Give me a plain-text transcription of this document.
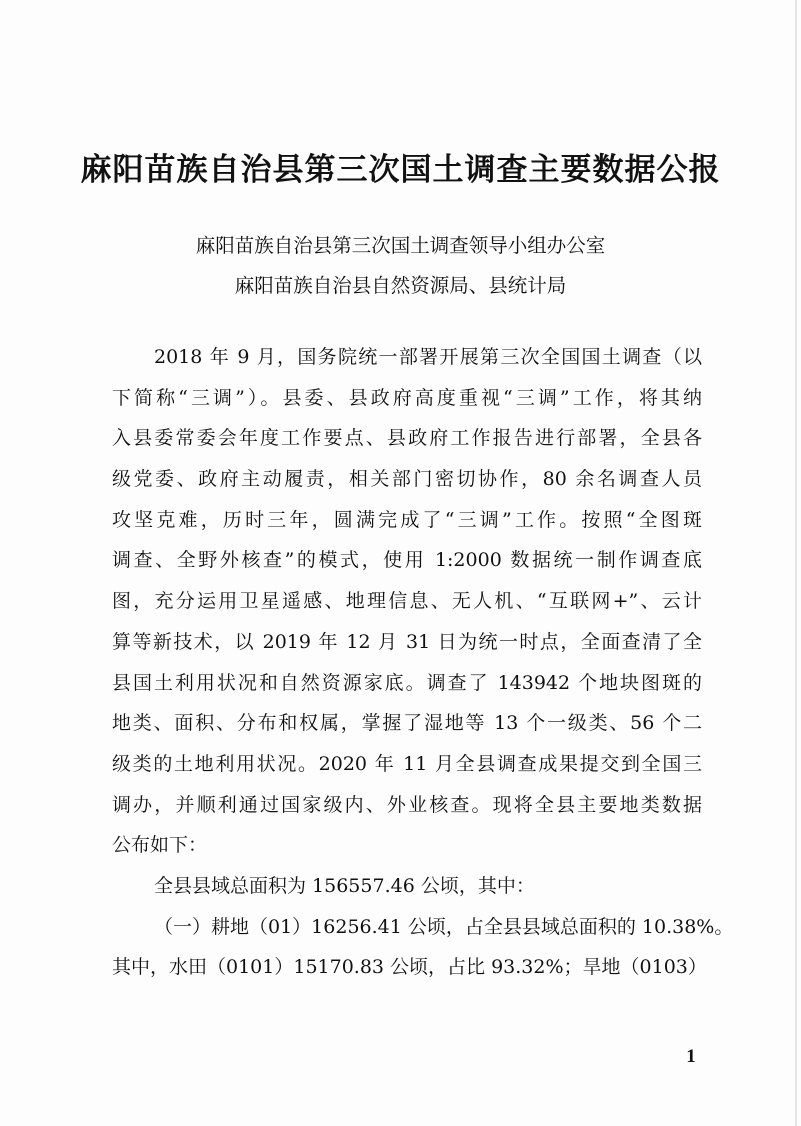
麻阳苗族自治县第三次国土调查主要数据公报
麻阳苗族自治县第三次国土调查领导小组办公室
麻阳苗族自治县自然资源局、县统计局
2018 年 9 月，国务院统一部署开展第三次全国国土调查（以
下简称“三调”）。县委、县政府高度重视“三调”工作，将其纳
入县委常委会年度工作要点、县政府工作报告进行部署，全县各
级党委、政府主动履责，相关部门密切协作，80 余名调查人员
攻坚克难，历时三年，圆满完成了“三调”工作。按照“全图斑
调查、全野外核查”的模式，使用 1:2000 数据统一制作调查底
图，充分运用卫星遥感、地理信息、无人机、“互联网+”、云计
算等新技术，以 2019 年 12 月 31 日为统一时点，全面查清了全
县国土利用状况和自然资源家底。调查了 143942 个地块图斑的
地类、面积、分布和权属，掌握了湿地等 13 个一级类、56 个二
级类的土地利用状况。2020 年 11 月全县调查成果提交到全国三
调办，并顺利通过国家级内、外业核查。现将全县主要地类数据
公布如下：
全县县域总面积为 156557.46 公顷，其中：
（一）耕地（01）16256.41 公顷，占全县县域总面积的 10.38%。
其中，水田（0101）15170.83 公顷，占比 93.32%；旱地（0103）
1
